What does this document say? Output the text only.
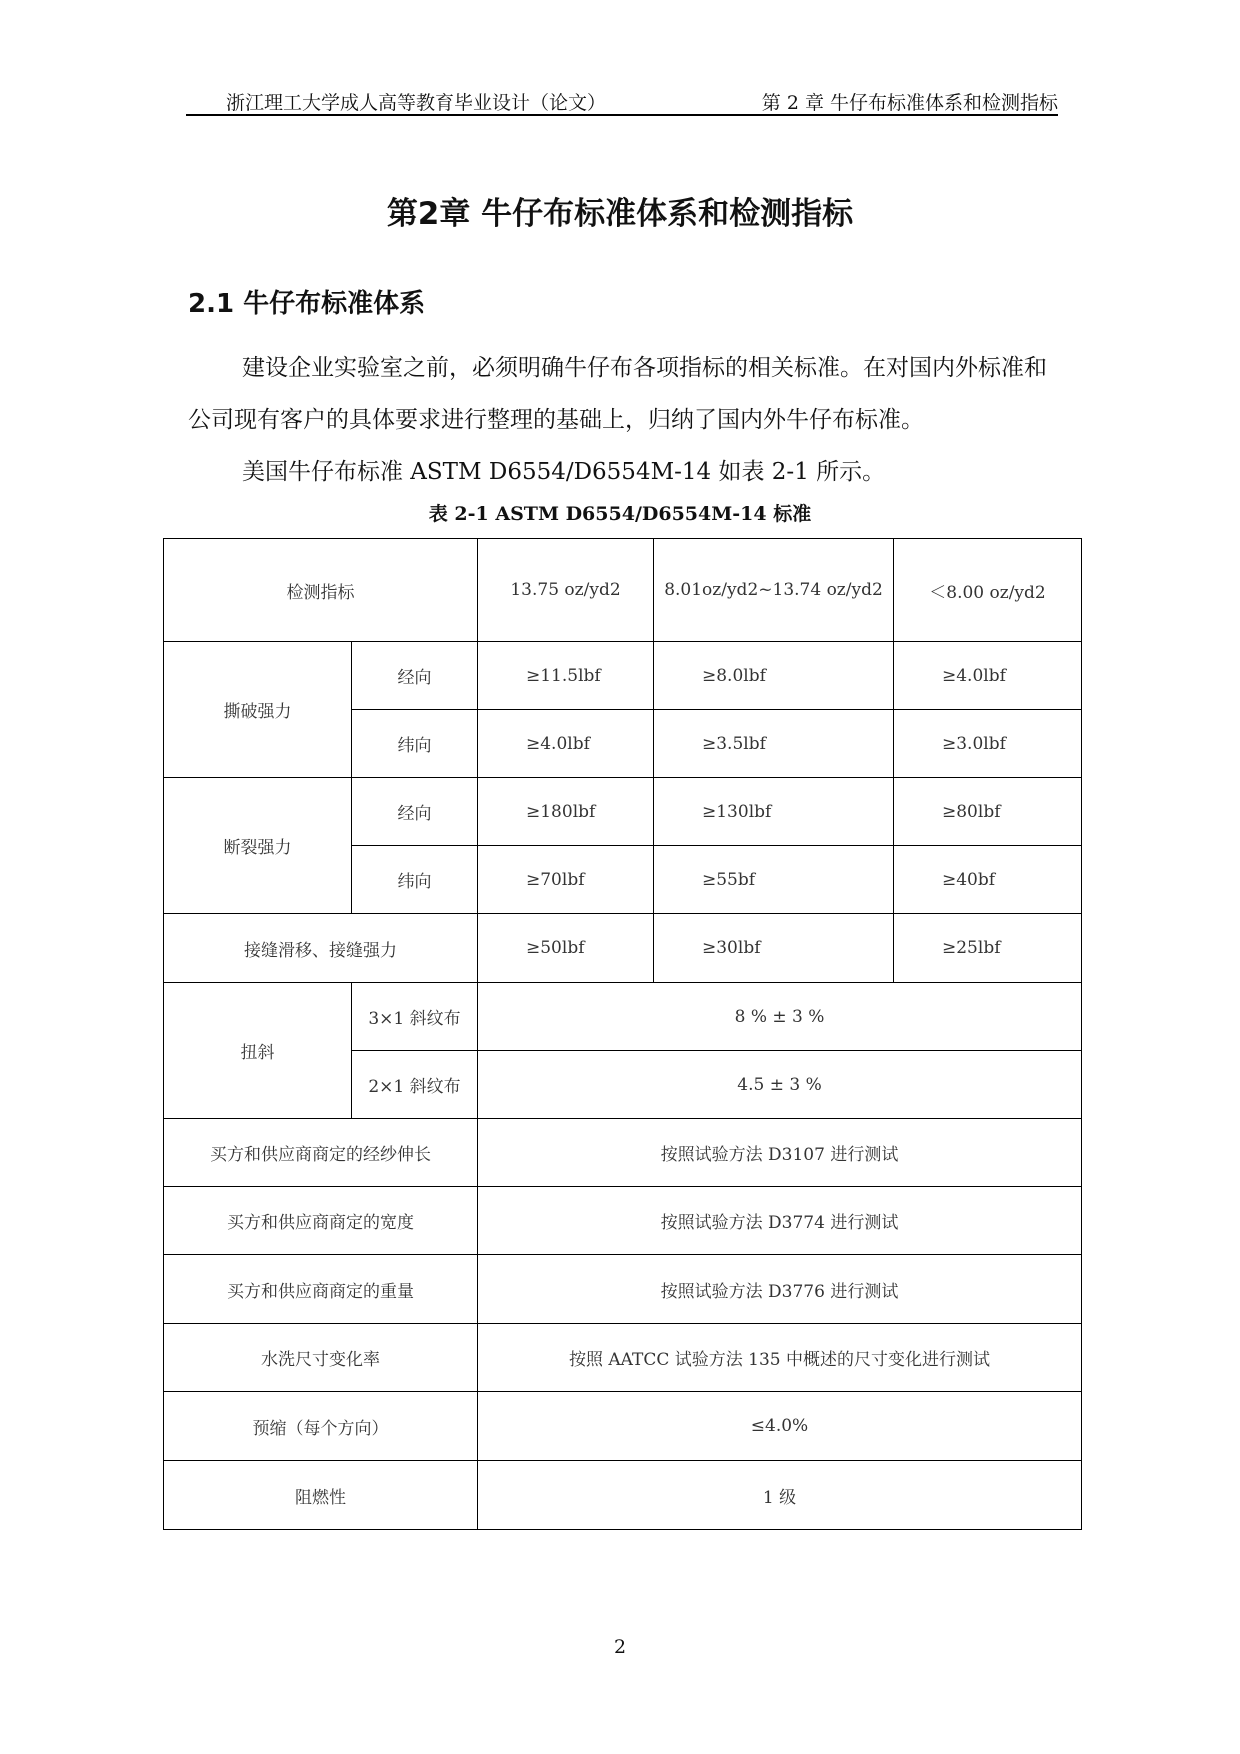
浙江理工大学成人高等教育毕业设计（论文）	第 2 章 牛仔布标准体系和检测指标
第2章 牛仔布标准体系和检测指标
2.1 牛仔布标准体系

建设企业实验室之前，必须明确牛仔布各项指标的相关标准。在对国内外标准和公司现有客户的具体要求进行整理的基础上，归纳了国内外牛仔布标准。

美国牛仔布标准 ASTM D6554/D6554M-14 如表 2-1 所示。

表 2-1 ASTM D6554/D6554M-14 标准

检测指标		13.75 oz/yd2	8.01oz/yd2~13.74 oz/yd2	＜8.00 oz/yd2
撕破强力	经向	≥11.5lbf	≥8.0lbf	≥4.0lbf
	纬向	≥4.0lbf	≥3.5lbf	≥3.0lbf
断裂强力	经向	≥180lbf	≥130lbf	≥80lbf
	纬向	≥70lbf	≥55bf	≥40bf
接缝滑移、接缝强力		≥50lbf	≥30lbf	≥25lbf
扭斜	3×1 斜纹布	8 % ± 3 %		
	2×1 斜纹布	4.5 ± 3 %		
买方和供应商商定的经纱伸长		按照试验方法 D3107 进行测试		
买方和供应商商定的宽度		按照试验方法 D3774 进行测试		
买方和供应商商定的重量		按照试验方法 D3776 进行测试		
水洗尺寸变化率		按照 AATCC 试验方法 135 中概述的尺寸变化进行测试		
预缩（每个方向）		≤4.0%		
阻燃性		1 级		
2
